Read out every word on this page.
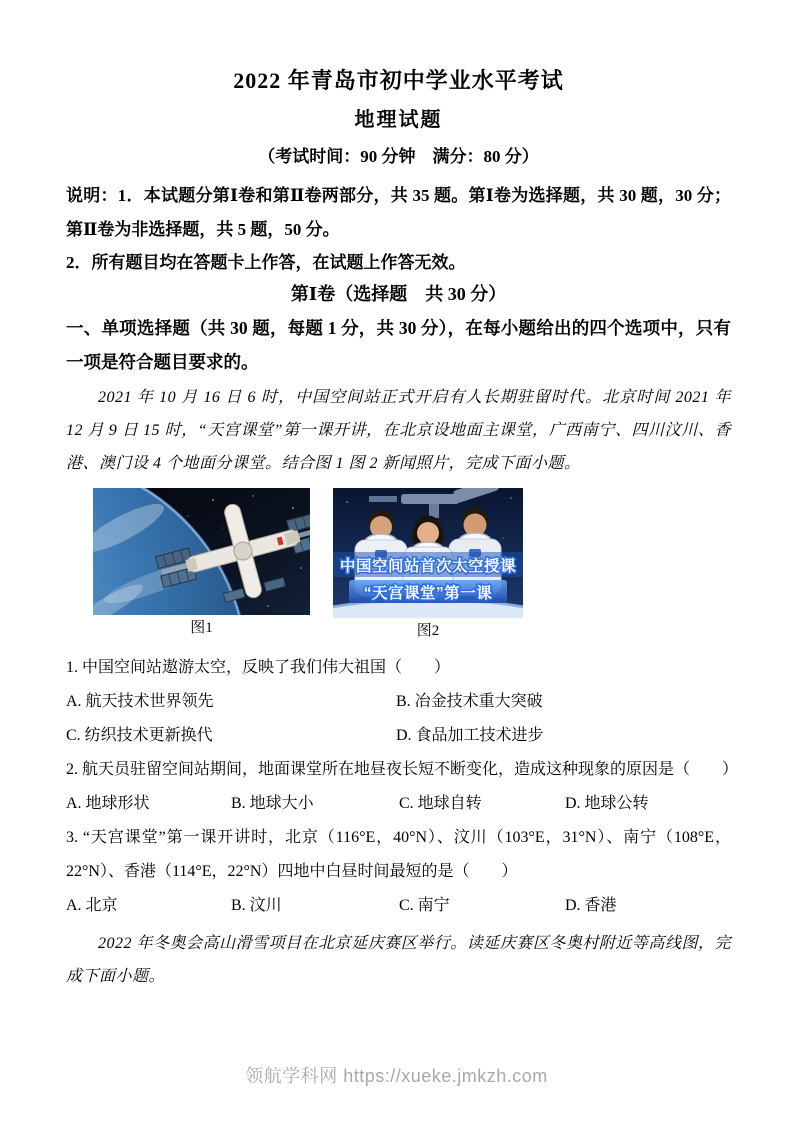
2022 年青岛市初中学业水平考试
地理试题
（考试时间：90 分钟　满分：80 分）
说明：1．本试题分第Ⅰ卷和第Ⅱ卷两部分，共 35 题。第Ⅰ卷为选择题，共 30 题，30 分；第Ⅱ卷为非选择题，共 5 题，50 分。
2．所有题目均在答题卡上作答，在试题上作答无效。
第Ⅰ卷（选择题　共 30 分）
一、单项选择题（共 30 题，每题 1 分，共 30 分），在每小题给出的四个选项中，只有一项是符合题目要求的。
2021 年 10 月 16 日 6 时，中国空间站正式开启有人长期驻留时代。北京时间 2021 年 12 月 9 日 15 时，“天宫课堂”第一课开讲，在北京设地面主课堂，广西南宁、四川汶川、香港、澳门设 4 个地面分课堂。结合图 1 图 2 新闻照片，完成下面小题。
图1
中国空间站首次太空授课
“天宫课堂”第一课
图2
1. 中国空间站遨游太空，反映了我们伟大祖国（　　）
A. 航天技术世界领先	B. 冶金技术重大突破
C. 纺织技术更新换代	D. 食品加工技术进步
2. 航天员驻留空间站期间，地面课堂所在地昼夜长短不断变化，造成这种现象的原因是（　　）
A. 地球形状	B. 地球大小	C. 地球自转	D. 地球公转
3. “天宫课堂”第一课开讲时，北京（116°E，40°N）、汶川（103°E，31°N）、南宁（108°E，22°N）、香港（114°E，22°N）四地中白昼时间最短的是（　　）
A. 北京	B. 汶川	C. 南宁	D. 香港
2022 年冬奥会高山滑雪项目在北京延庆赛区举行。读延庆赛区冬奥村附近等高线图，完成下面小题。
领航学科网 https://xueke.jmkzh.com
